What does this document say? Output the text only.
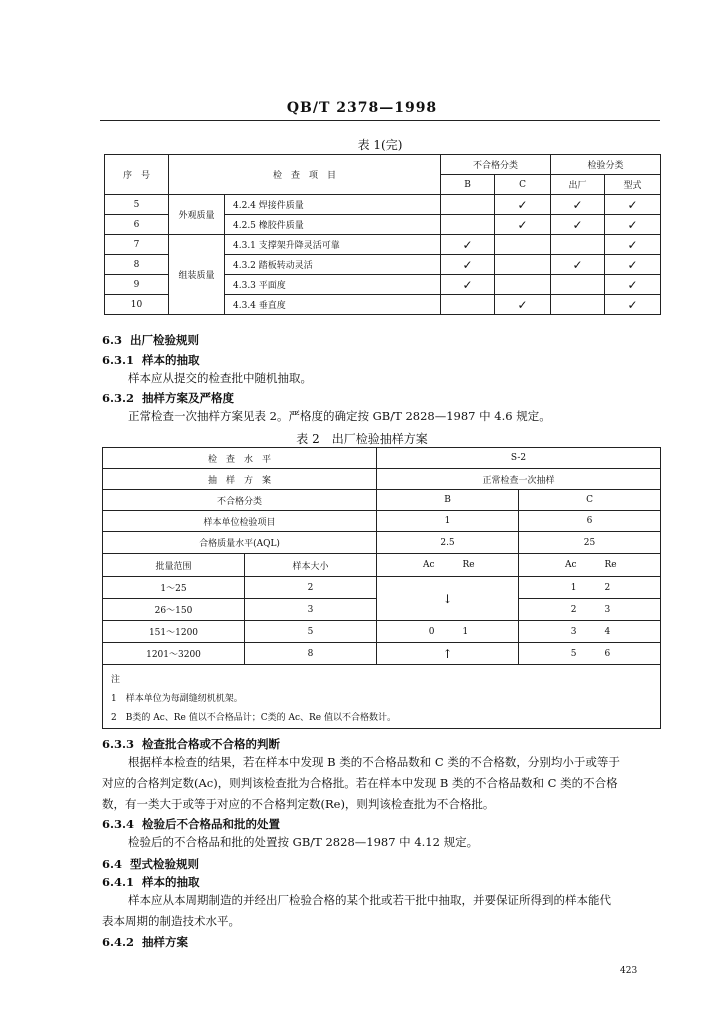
QB/T 2378—1998
表 1(完)
序　号	检　查　项　目		不合格分类		检验分类	
			B	C	出厂	型式
5	外观质量	4.2.4 焊接件质量		✓	✓	✓
6		4.2.5 橡胶件质量		✓	✓	✓
7	组装质量	4.3.1 支撑架升降灵活可靠	✓			✓
8		4.3.2 踏板转动灵活	✓		✓	✓
9		4.3.3 平面度	✓			✓
10		4.3.4 垂直度		✓		✓
6.3 出厂检验规则
6.3.1 样本的抽取
样本应从提交的检查批中随机抽取。
6.3.2 抽样方案及严格度
正常检查一次抽样方案见表 2。严格度的确定按 GB/T 2828—1987 中 4.6 规定。
表 2　出厂检验抽样方案
检　查　水　平		S-2			
抽　样　方　案		正常检查一次抽样			
不合格分类		B		C	
样本单位检验项目		1		6	
合格质量水平(AQL)		2.5		25	
批量范围	样本大小	Ac	Re	Ac	Re
1～25	2	↓		1	2
26～150	3			2	3
151～1200	5	0	1	3	4
1201～3200	8	↑		5	6

注
1　样本单位为每副缝纫机机架。
2　B类的 Ac、Re 值以不合格品计；C类的 Ac、Re 值以不合格数计。					
6.3.3 检查批合格或不合格的判断
根据样本检查的结果，若在样本中发现 B 类的不合格品数和 C 类的不合格数，分别均小于或等于
对应的合格判定数(Ac)，则判该检查批为合格批。若在样本中发现 B 类的不合格品数和 C 类的不合格
数，有一类大于或等于对应的不合格判定数(Re)，则判该检查批为不合格批。
6.3.4 检验后不合格品和批的处置
检验后的不合格品和批的处置按 GB/T 2828—1987 中 4.12 规定。
6.4 型式检验规则
6.4.1 样本的抽取
样本应从本周期制造的并经出厂检验合格的某个批或若干批中抽取，并要保证所得到的样本能代
表本周期的制造技术水平。
6.4.2 抽样方案
423
